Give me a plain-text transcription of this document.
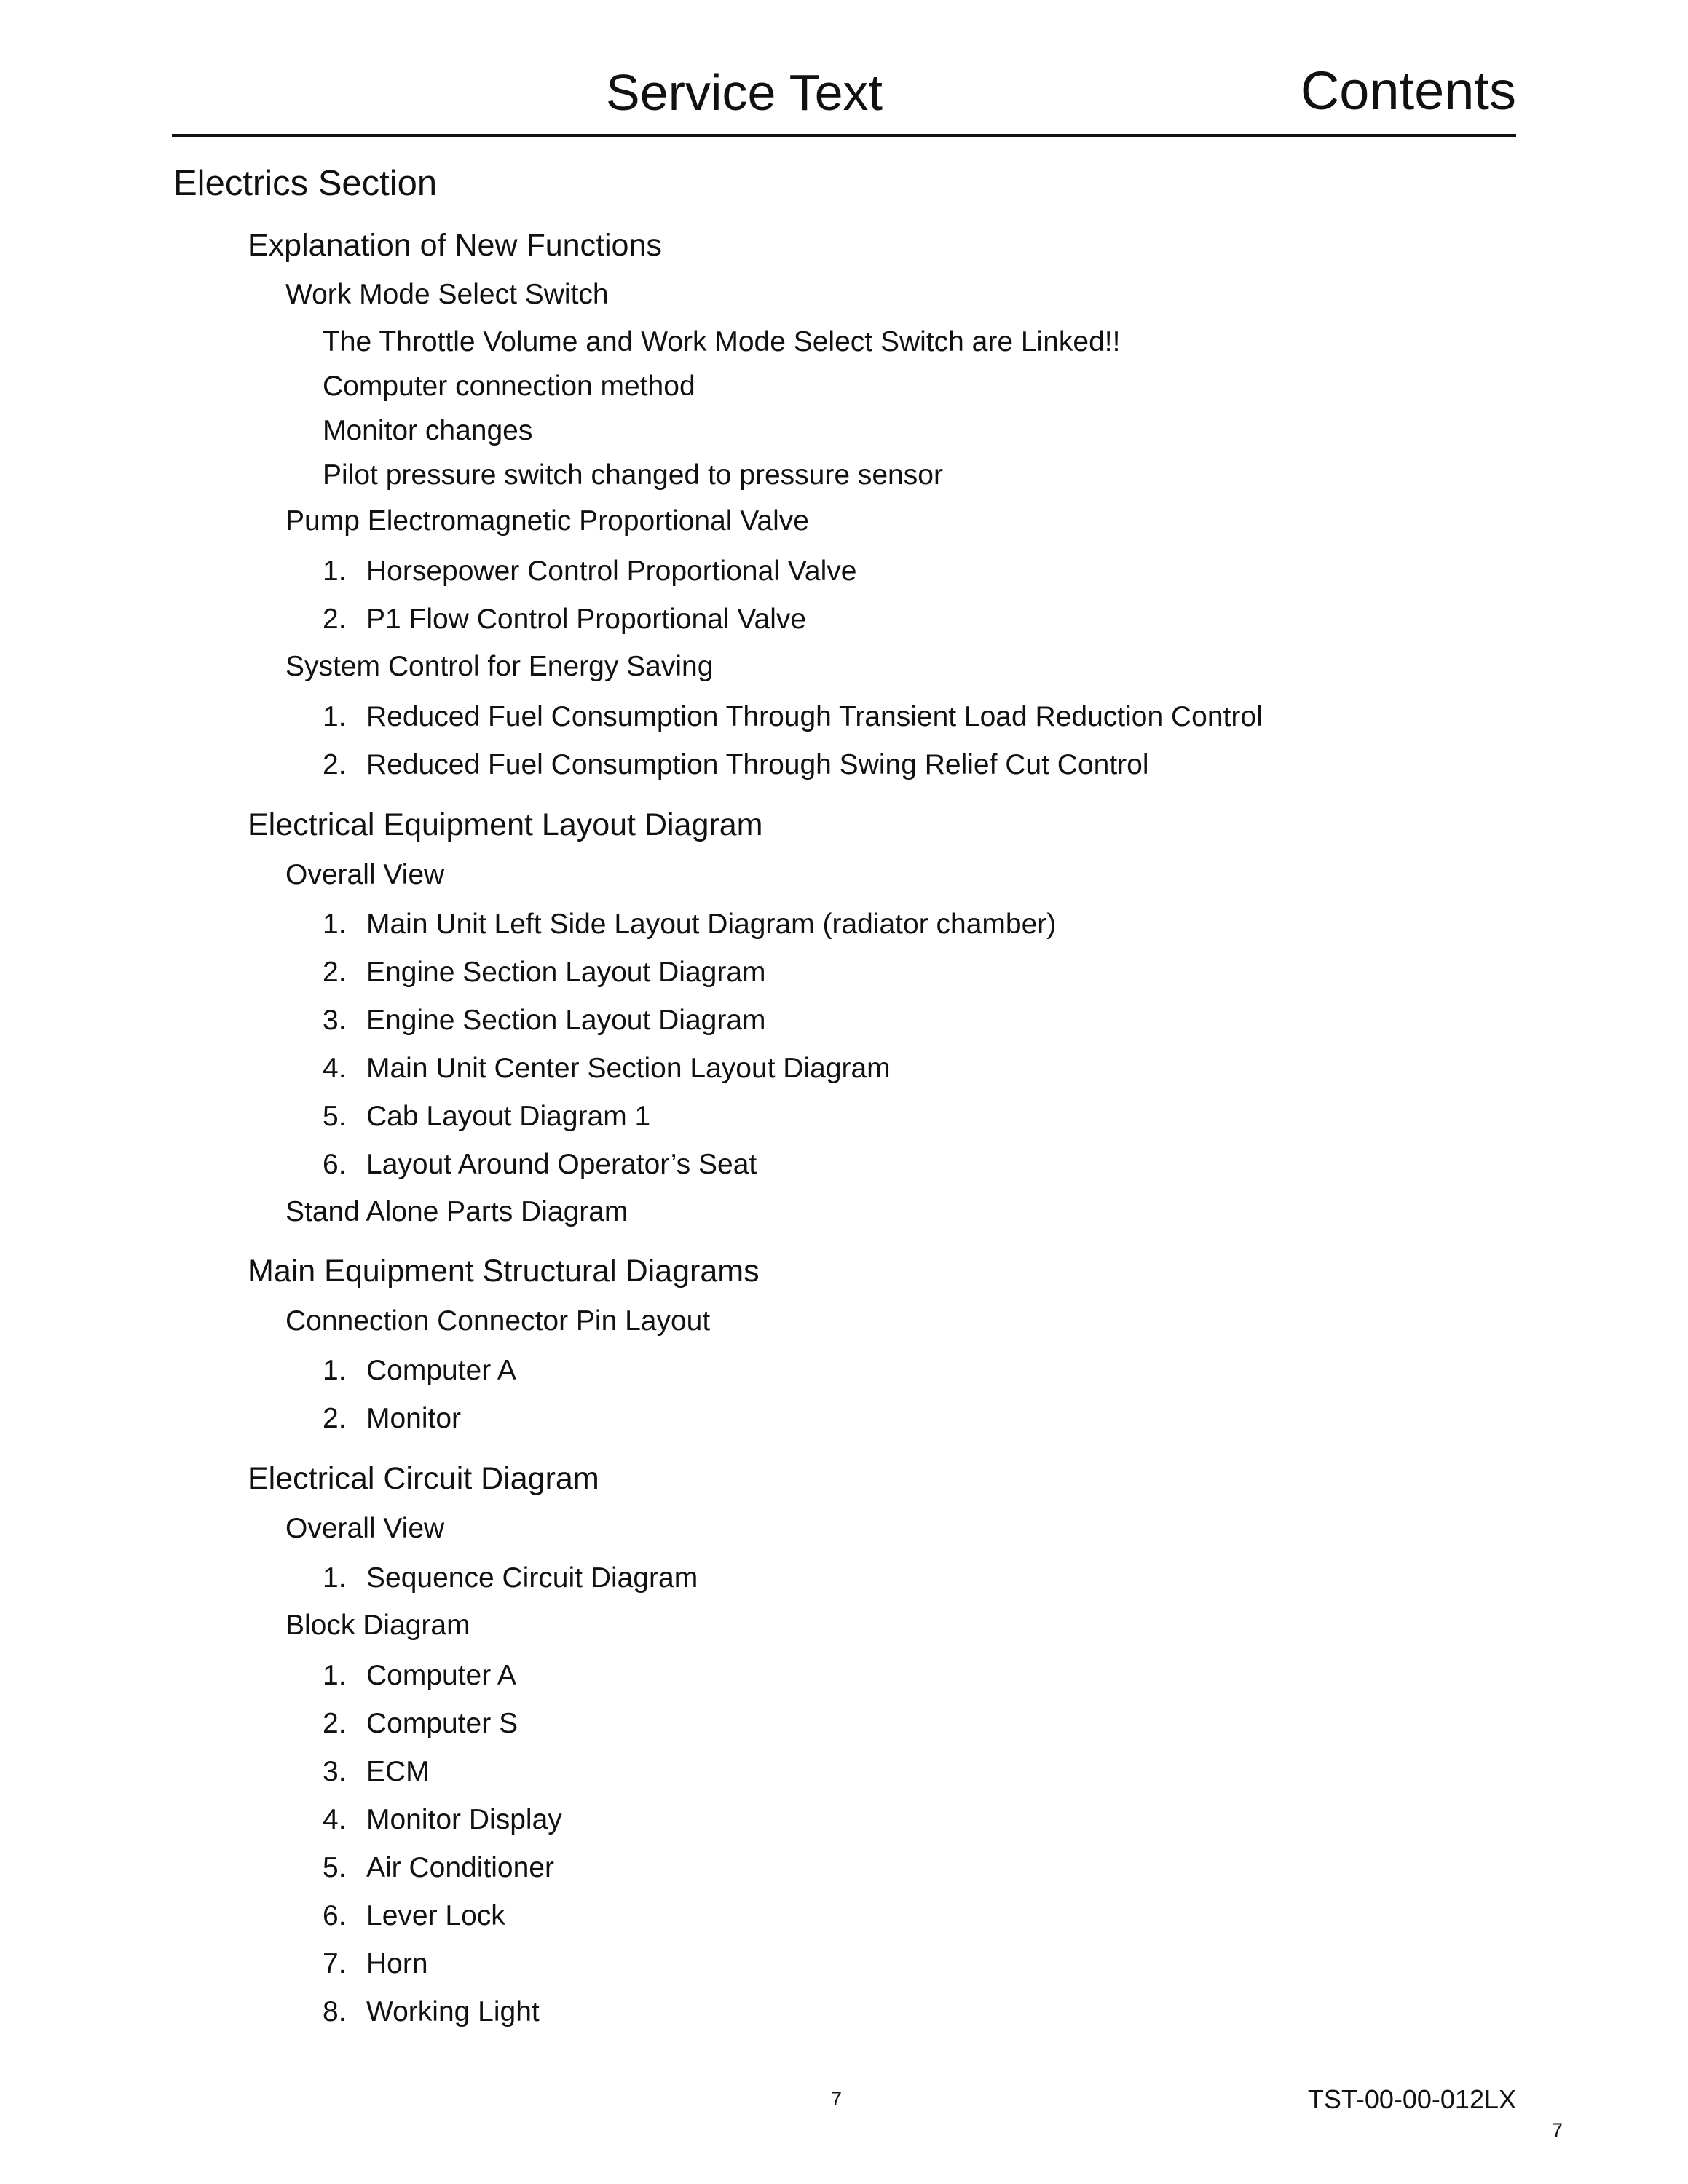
Service Text	Contents
Electrics Section
Explanation of New Functions
Work Mode Select Switch
The Throttle Volume and Work Mode Select Switch are Linked!!
Computer connection method
Monitor changes
Pilot pressure switch changed to pressure sensor
Pump Electromagnetic Proportional Valve
1. Horsepower Control Proportional Valve
2. P1 Flow Control Proportional Valve
System Control for Energy Saving
1. Reduced Fuel Consumption Through Transient Load Reduction Control
2. Reduced Fuel Consumption Through Swing Relief Cut Control
Electrical Equipment Layout Diagram
Overall View
1. Main Unit Left Side Layout Diagram (radiator chamber)
2. Engine Section Layout Diagram
3. Engine Section Layout Diagram
4. Main Unit Center Section Layout Diagram
5. Cab Layout Diagram 1
6. Layout Around Operator’s Seat
Stand Alone Parts Diagram
Main Equipment Structural Diagrams
Connection Connector Pin Layout
1. Computer A
2. Monitor
Electrical Circuit Diagram
Overall View
1. Sequence Circuit Diagram
Block Diagram
1. Computer A
2. Computer S
3. ECM
4. Monitor Display
5. Air Conditioner
6. Lever Lock
7. Horn
8. Working Light
7	TST-00-00-012LX
7
